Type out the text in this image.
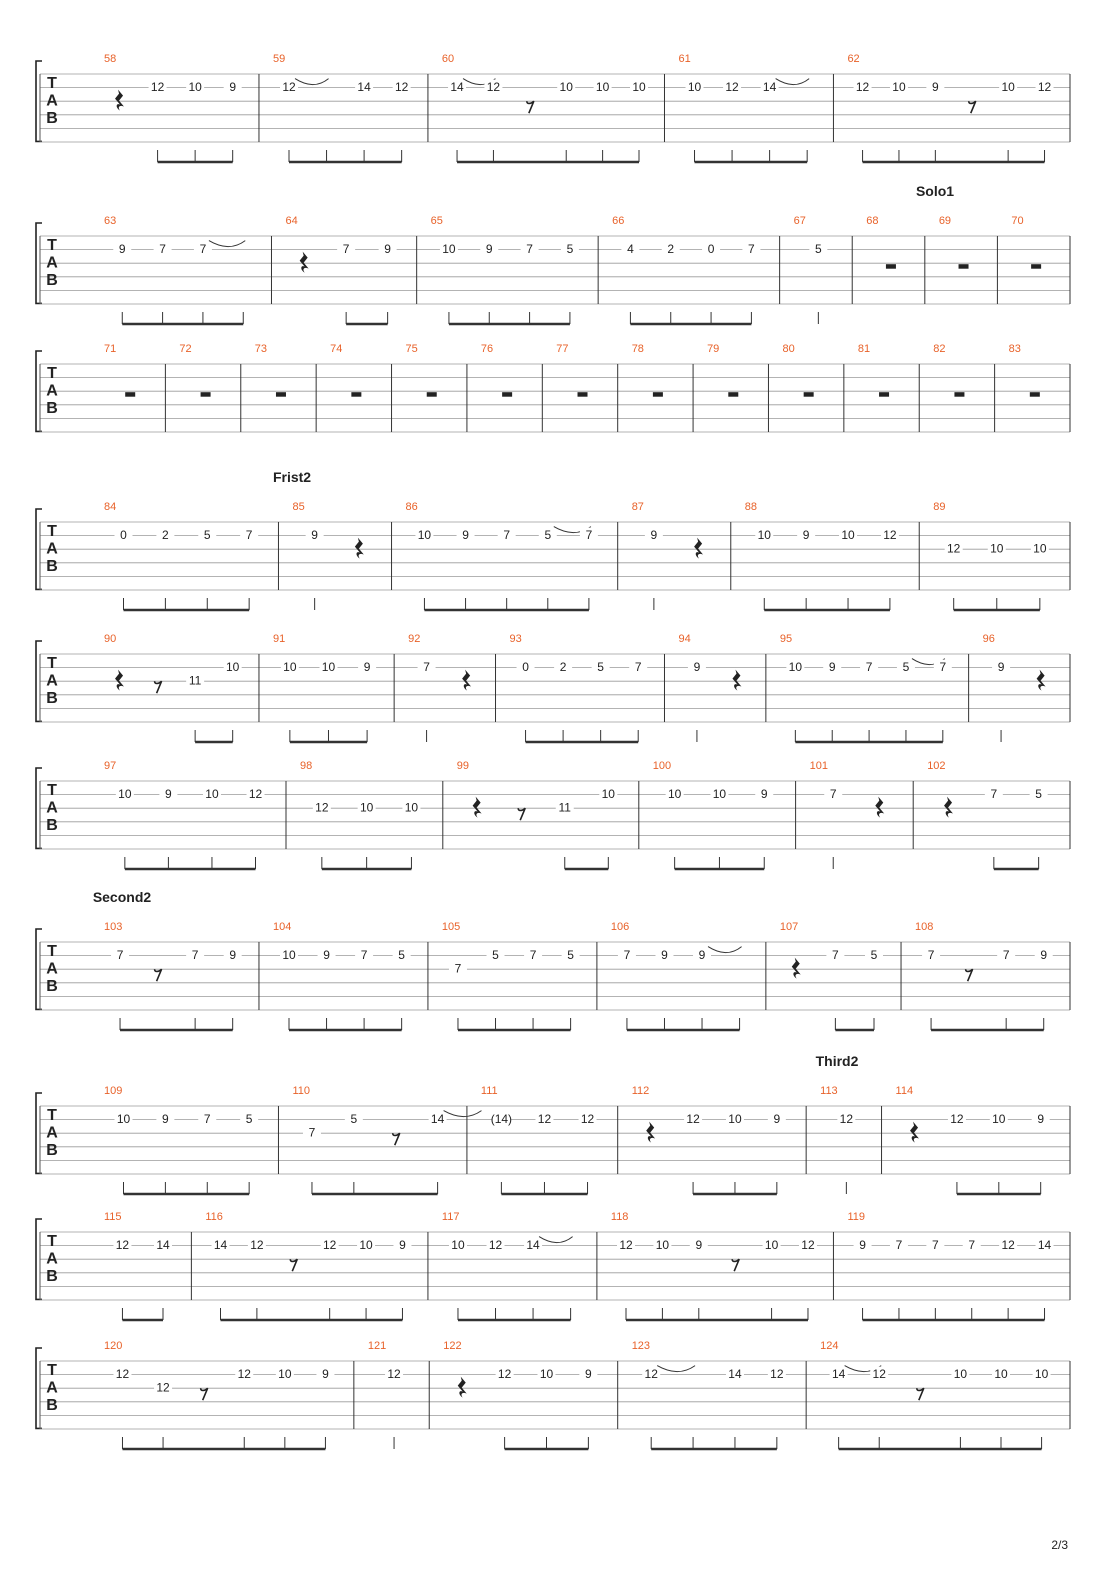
T
A
B
58
12 10 9
59
12	14 12
60
14 12	10 10 10
61
10 12 14
62
12 10 9	10 12
T
A
B
Solo1
63
9	7	7
64
7	9
65
10	9	7	5
66
4	2	0	7
67
5
68	69	70
T
A
B
71	72	73	74	75	76	77	78	79	80	81	82	83
T
A
B
Frist2
84
0	2	5	7
85
9
86
10	9	7	5	7
87
9
88
10	9	10 12
89
12 10 10
T
A
B
90
11
10
91
10 10 9
92
7
93
0	2	5	7
94
9
95
10 9	7	5	7
96
9
T
A
B
97
10	9	10	12
98
12	10	10
99
11
10
100
10	10	9
101
7
102
7	5
T
A
B
Second2
103
7	7	9
104
10 9	7	5
105
7
5	7	5
106
7	9	9
107
7	5
108
7	7	9
T
A
B
Third2
109
10	9	7	5
110
7
5	14
111
(14) 12 12
112
12 10	9
113
12
114
12 10	9
T
A
B
115
12 14
116
14 12	12 10 9
117
10 12 14
118
12 10 9	10 12
119
9 7 7 7 12 14
T
A
B
120
12
12
12 10	9
121
12
122
12 10	9
123
12	14 12
124
14 12	10 10 10
2/3
